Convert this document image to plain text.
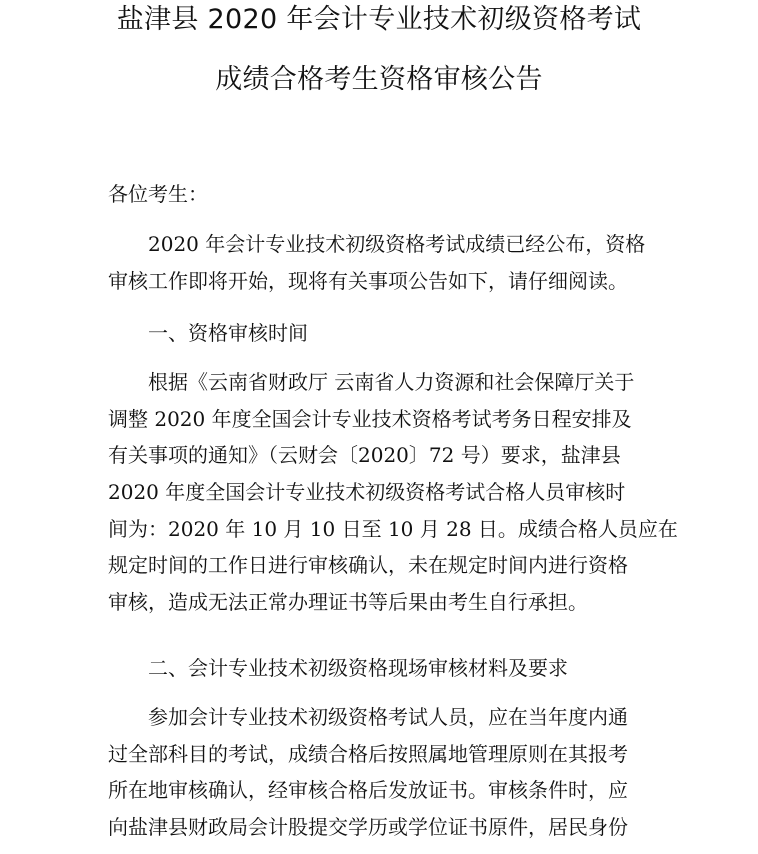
盐津县 2020 年会计专业技术初级资格考试
成绩合格考生资格审核公告
各位考生：
2020 年会计专业技术初级资格考试成绩已经公布，资格
审核工作即将开始，现将有关事项公告如下，请仔细阅读。
一、资格审核时间
根据《云南省财政厅 云南省人力资源和社会保障厅关于
调整 2020 年度全国会计专业技术资格考试考务日程安排及
有关事项的通知》（云财会〔2020〕72 号）要求，盐津县
2020 年度全国会计专业技术初级资格考试合格人员审核时
间为：2020 年 10 月 10 日至 10 月 28 日。成绩合格人员应在
规定时间的工作日进行审核确认，未在规定时间内进行资格
审核，造成无法正常办理证书等后果由考生自行承担。
二、会计专业技术初级资格现场审核材料及要求
参加会计专业技术初级资格考试人员，应在当年度内通
过全部科目的考试，成绩合格后按照属地管理原则在其报考
所在地审核确认，经审核合格后发放证书。审核条件时，应
向盐津县财政局会计股提交学历或学位证书原件，居民身份
